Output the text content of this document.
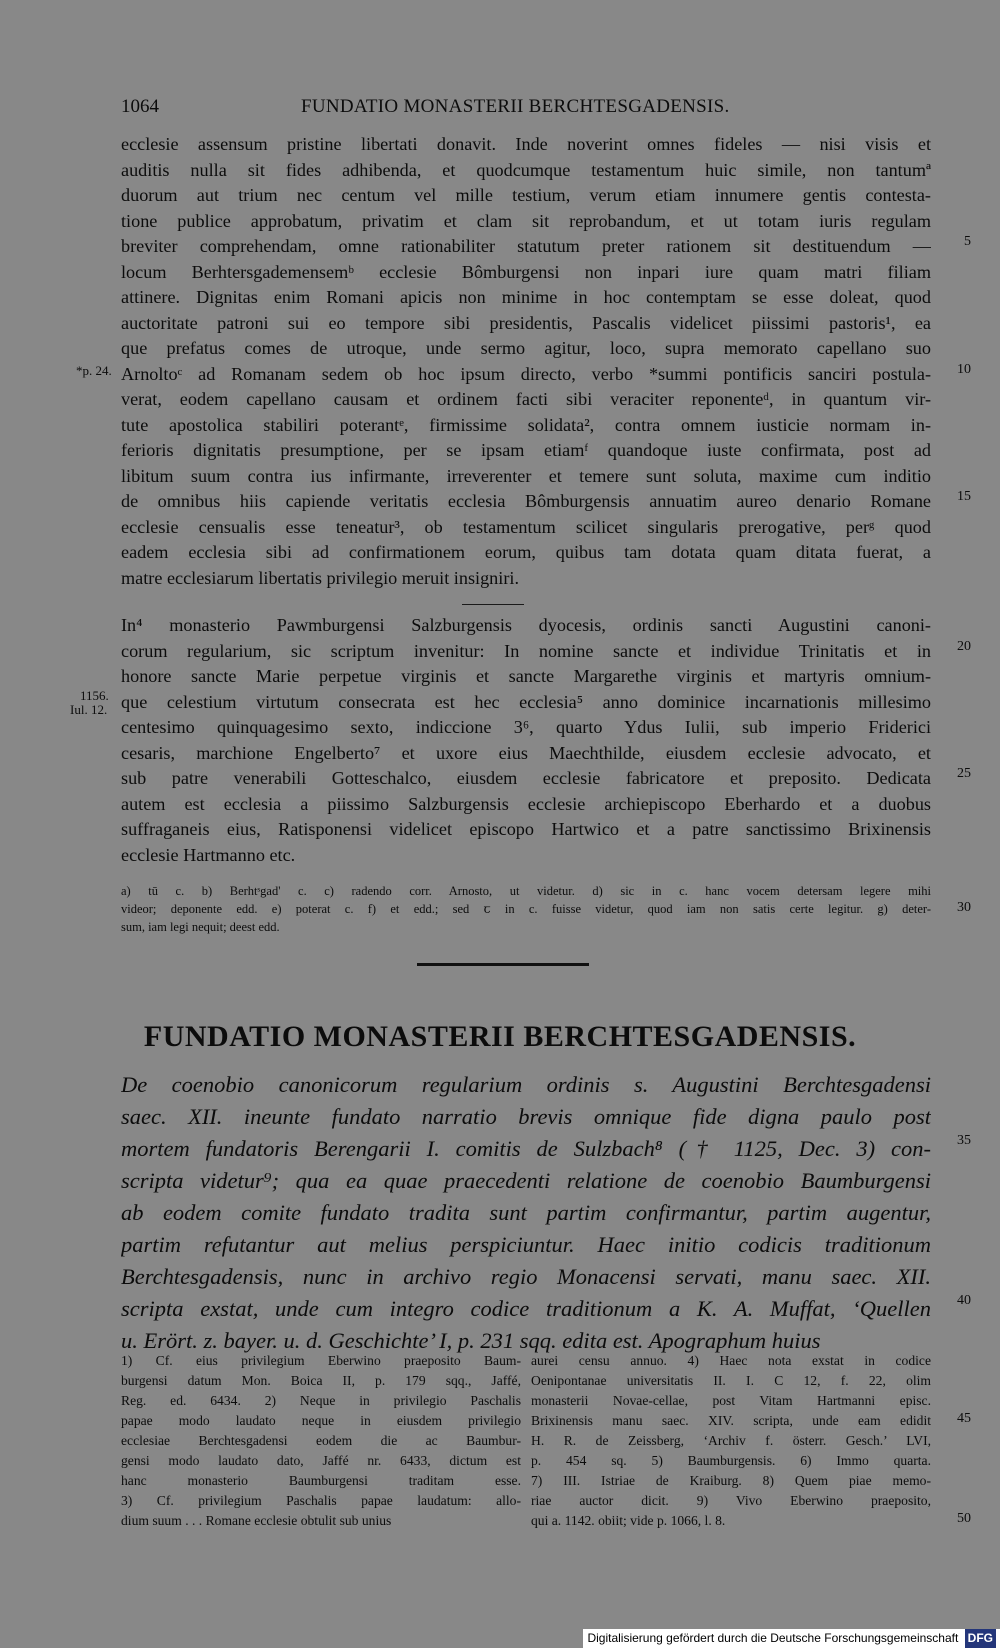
1064	FUNDATIO MONASTERII BERCHTESGADENSIS.
ecclesie assensum pristine libertati donavit. Inde noverint omnes fideles — nisi visis et
auditis nulla sit fides adhibenda, et quodcumque testamentum huic simile, non tantumª
duorum aut trium nec centum vel mille testium, verum etiam innumere gentis contesta-
tione publice approbatum, privatim et clam sit reprobandum, et ut totam iuris regulam
breviter comprehendam, omne rationabiliter statutum preter rationem sit destituendum —	5
locum Berhtersgademensemᵇ ecclesie Bômburgensi non inpari iure quam matri filiam
attinere. Dignitas enim Romani apicis non minime in hoc contemptam se esse doleat, quod
auctoritate patroni sui eo tempore sibi presidentis, Pascalis videlicet piissimi pastoris¹, ea
que prefatus comes de utroque, unde sermo agitur, loco, supra memorato capellano suo
Arnoltoᶜ ad Romanam sedem ob hoc ipsum directo, verbo *summi pontificis sanciri postula-	10
verat, eodem capellano causam et ordinem facti sibi veraciter reponenteᵈ, in quantum vir-
tute apostolica stabiliri poterantᵉ, firmissime solidata², contra omnem iusticie normam in-
ferioris dignitatis presumptione, per se ipsam etiamᶠ quandoque iuste confirmata, post ad
libitum suum contra ius infirmante, irreverenter et temere sunt soluta, maxime cum inditio
de omnibus hiis capiende veritatis ecclesia Bômburgensis annuatim aureo denario Romane	15
ecclesie censualis esse teneatur³, ob testamentum scilicet singularis prerogative, perᵍ quod
eadem ecclesia sibi ad confirmationem eorum, quibus tam dotata quam ditata fuerat, a
matre ecclesiarum libertatis privilegio meruit insigniri.
*p. 24.
In⁴ monasterio Pawmburgensi Salzburgensis dyocesis, ordinis sancti Augustini canoni-
corum regularium, sic scriptum invenitur: In nomine sancte et individue Trinitatis et in	20
honore sancte Marie perpetue virginis et sancte Margarethe virginis et martyris omnium-
que celestium virtutum consecrata est hec ecclesia⁵ anno dominice incarnationis millesimo
centesimo quinquagesimo sexto, indiccione 3⁶, quarto Ydus Iulii, sub imperio Friderici
cesaris, marchione Engelberto⁷ et uxore eius Maechthilde, eiusdem ecclesie advocato, et
sub patre venerabili Gotteschalco, eiusdem ecclesie fabricatore et preposito. Dedicata	25
autem est ecclesia a piissimo Salzburgensis ecclesie archiepiscopo Eberhardo et a duobus
suffraganeis eius, Ratisponensi videlicet episcopo Hartwico et a patre sanctissimo Brixinensis
ecclesie Hartmanno etc.
1156.
Iul. 12.
a) tū c. b) Berhtˢgad' c. c) radendo corr. Arnosto, ut videtur. d) sic in c. hanc vocem detersam legere mihi
videor; deponente edd. e) poterat c. f) et edd.; sed ꞇ in c. fuisse videtur, quod iam non satis certe legitur. g) deter-	30
sum, iam legi nequit; deest edd.
FUNDATIO MONASTERII BERCHTESGADENSIS.
De coenobio canonicorum regularium ordinis s. Augustini Berchtesgadensi
saec. XII. ineunte fundato narratio brevis omnique fide digna paulo post
mortem fundatoris Berengarii I. comitis de Sulzbach⁸ († 1125, Dec. 3) con-	35
scripta videtur⁹; qua ea quae praecedenti relatione de coenobio Baumburgensi
ab eodem comite fundato tradita sunt partim confirmantur, partim augentur,
partim refutantur aut melius perspiciuntur. Haec initio codicis traditionum
Berchtesgadensis, nunc in archivo regio Monacensi servati, manu saec. XII.
scripta exstat, unde cum integro codice traditionum a K. A. Muffat, ‘Quellen	40
u. Erört. z. bayer. u. d. Geschichte’ I, p. 231 sqq. edita est. Apographum huius
1) Cf. eius privilegium Eberwino praeposito Baum-
burgensi datum Mon. Boica II, p. 179 sqq., Jaffé,
Reg. ed. 6434. 2) Neque in privilegio Paschalis
papae modo laudato neque in eiusdem privilegio
ecclesiae Berchtesgadensi eodem die ac Baumbur-
gensi modo laudato dato, Jaffé nr. 6433, dictum est
hanc monasterio Baumburgensi traditam esse.
3) Cf. privilegium Paschalis papae laudatum: allo-
dium suum . . . Romane ecclesie obtulit sub unius
aurei censu annuo. 4) Haec nota exstat in codice
Oenipontanae universitatis II. I. C 12, f. 22, olim
monasterii Novae-cellae, post Vitam Hartmanni episc.
Brixinensis manu saec. XIV. scripta, unde eam edidit	45
H. R. de Zeissberg, ‘Archiv f. österr. Gesch.’ LVI,
p. 454 sq. 5) Baumburgensis. 6) Immo quarta.
7) III. Istriae de Kraiburg. 8) Quem piae memo-
riae auctor dicit. 9) Vivo Eberwino praeposito,
qui a. 1142. obiit; vide p. 1066, l. 8.	50
Digitalisierung gefördert durch die Deutsche Forschungsgemeinschaft DFG
